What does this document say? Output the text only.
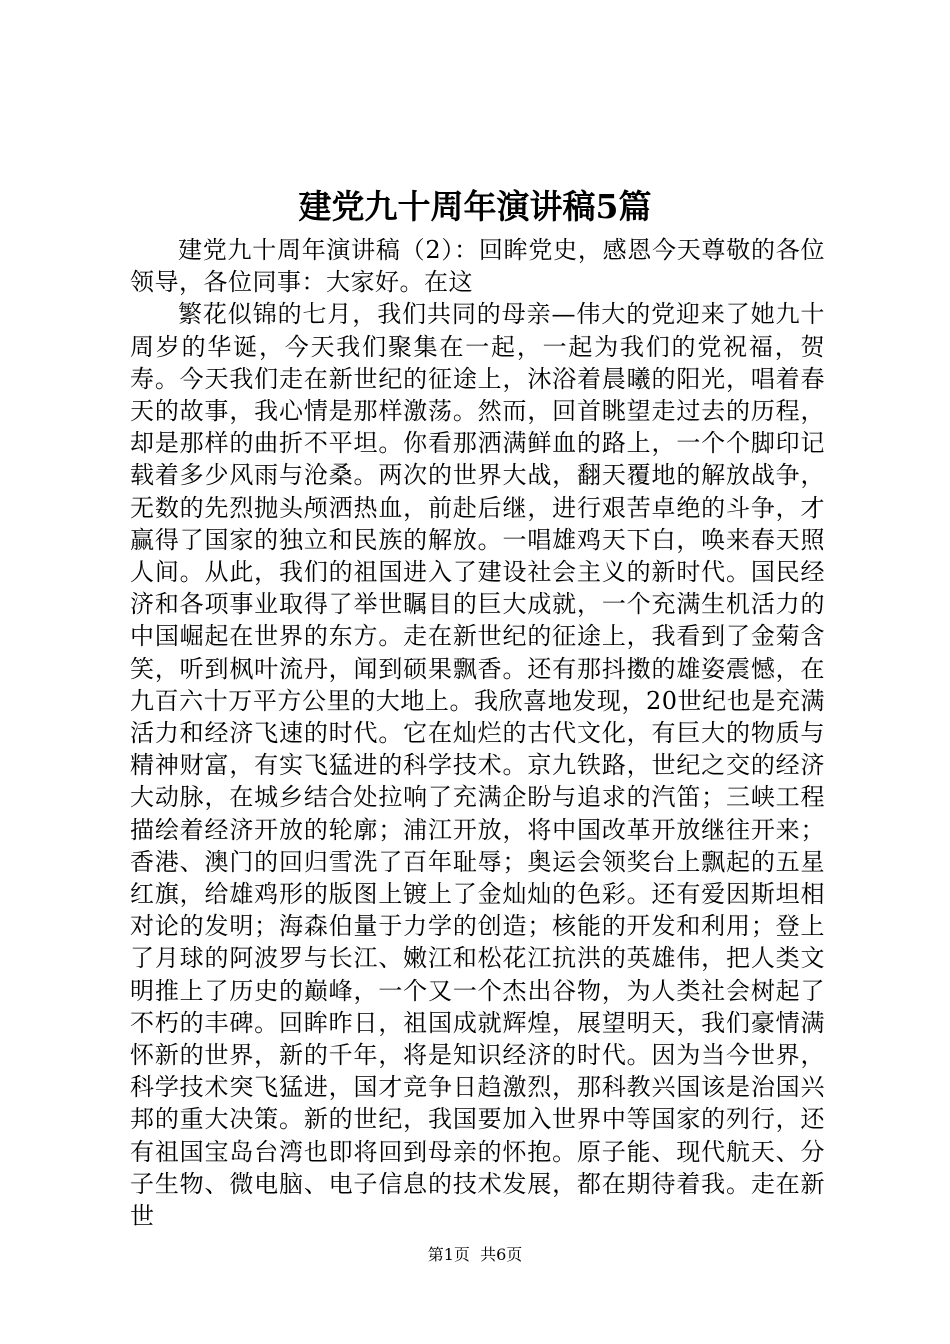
建党九十周年演讲稿5篇

建党九十周年演讲稿（2）：回眸党史，感恩今天尊敬的各位领导，各位同事：大家好。在这

繁花似锦的七月，我们共同的母亲—伟大的党迎来了她九十周岁的华诞，今天我们聚集在一起，一起为我们的党祝福，贺寿。今天我们走在新世纪的征途上，沐浴着晨曦的阳光，唱着春天的故事，我心情是那样激荡。然而，回首眺望走过去的历程，却是那样的曲折不平坦。你看那洒满鲜血的路上，一个个脚印记载着多少风雨与沧桑。两次的世界大战，翻天覆地的解放战争，无数的先烈抛头颅洒热血，前赴后继，进行艰苦卓绝的斗争，才赢得了国家的独立和民族的解放。一唱雄鸡天下白，唤来春天照人间。从此，我们的祖国进入了建设社会主义的新时代。国民经济和各项事业取得了举世瞩目的巨大成就，一个充满生机活力的中国崛起在世界的东方。走在新世纪的征途上，我看到了金菊含笑，听到枫叶流丹，闻到硕果飘香。还有那抖擞的雄姿震憾，在九百六十万平方公里的大地上。我欣喜地发现，20世纪也是充满活力和经济飞速的时代。它在灿烂的古代文化，有巨大的物质与精神财富，有实飞猛进的科学技术。京九铁路，世纪之交的经济大动脉，在城乡结合处拉响了充满企盼与追求的汽笛；三峡工程描绘着经济开放的轮廓；浦江开放，将中国改革开放继往开来；香港、澳门的回归雪洗了百年耻辱；奥运会领奖台上飘起的五星红旗，给雄鸡形的版图上镀上了金灿灿的色彩。还有爱因斯坦相对论的发明；海森伯量于力学的创造；核能的开发和利用；登上了月球的阿波罗与长江、嫩江和松花江抗洪的英雄伟，把人类文明推上了历史的巅峰，一个又一个杰出谷物，为人类社会树起了不朽的丰碑。回眸昨日，祖国成就辉煌，展望明天，我们豪情满怀新的世界，新的千年，将是知识经济的时代。因为当今世界，科学技术突飞猛进，国才竞争日趋激烈，那科教兴国该是治国兴邦的重大决策。新的世纪，我国要加入世界中等国家的列行，还有祖国宝岛台湾也即将回到母亲的怀抱。原子能、现代航天、分子生物、微电脑、电子信息的技术发展，都在期待着我。走在新世

第1页 共6页
